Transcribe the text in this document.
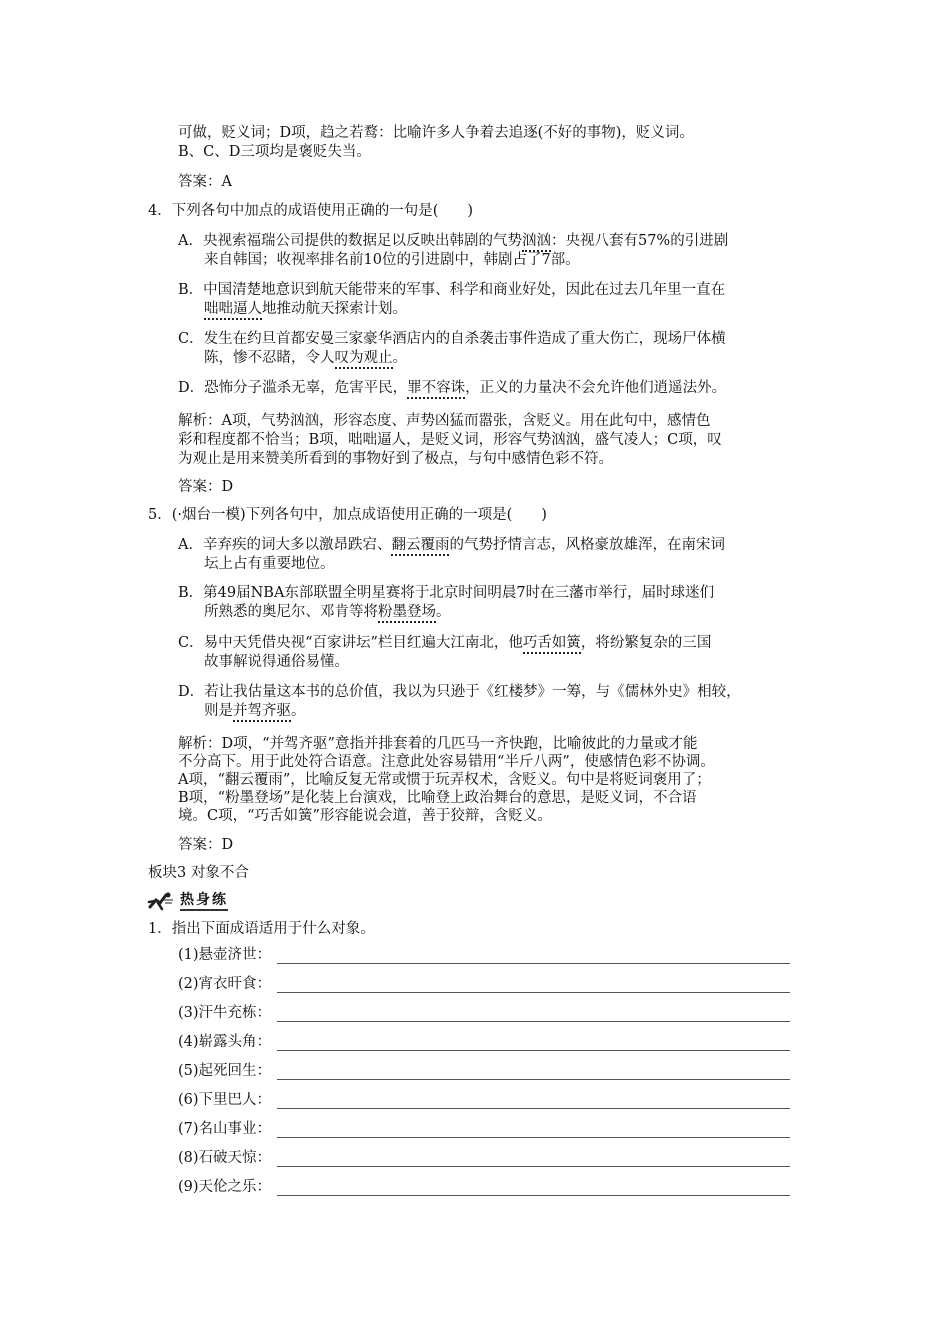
可做，贬义词；D项，趋之若鹜：比喻许多人争着去追逐(不好的事物)，贬义词。
B、C、D三项均是褒贬失当。
答案：A
4．下列各句中加点的成语使用正确的一句是(　　)
A．央视索福瑞公司提供的数据足以反映出韩剧的气势汹汹：央视八套有57%的引进剧
来自韩国；收视率排名前10位的引进剧中，韩剧占了7部。
B．中国清楚地意识到航天能带来的军事、科学和商业好处，因此在过去几年里一直在
咄咄逼人地推动航天探索计划。
C．发生在约旦首都安曼三家豪华酒店内的自杀袭击事件造成了重大伤亡，现场尸体横
陈，惨不忍睹，令人叹为观止。
D．恐怖分子滥杀无辜，危害平民，罪不容诛，正义的力量决不会允许他们逍遥法外。
解析：A项，气势汹汹，形容态度、声势凶猛而嚣张，含贬义。用在此句中，感情色
彩和程度都不恰当；B项，咄咄逼人，是贬义词，形容气势汹汹，盛气凌人；C项，叹
为观止是用来赞美所看到的事物好到了极点，与句中感情色彩不符。
答案：D
5．(·烟台一模)下列各句中，加点成语使用正确的一项是(　　)
A．辛弃疾的词大多以激昂跌宕、翻云覆雨的气势抒情言志，风格豪放雄浑，在南宋词
坛上占有重要地位。
B．第49届NBA东部联盟全明星赛将于北京时间明晨7时在三藩市举行，届时球迷们
所熟悉的奥尼尔、邓肯等将粉墨登场。
C．易中天凭借央视“百家讲坛”栏目红遍大江南北，他巧舌如簧，将纷繁复杂的三国
故事解说得通俗易懂。
D．若让我估量这本书的总价值，我以为只逊于《红楼梦》一筹，与《儒林外史》相较，
则是并驾齐驱。
解析：D项，“并驾齐驱”意指并排套着的几匹马一齐快跑，比喻彼此的力量或才能
不分高下。用于此处符合语意。注意此处容易错用“半斤八两”，使感情色彩不协调。
A项，“翻云覆雨”，比喻反复无常或惯于玩弄权术，含贬义。句中是将贬词褒用了；
B项，“粉墨登场”是化装上台演戏，比喻登上政治舞台的意思，是贬义词，不合语
境。C项，“巧舌如簧”形容能说会道，善于狡辩，含贬义。
答案：D
板块3 对象不合
热身练
1．指出下面成语适用于什么对象。
(1)悬壶济世：
(2)宵衣旰食：
(3)汗牛充栋：
(4)崭露头角：
(5)起死回生：
(6)下里巴人：
(7)名山事业：
(8)石破天惊：
(9)天伦之乐：
